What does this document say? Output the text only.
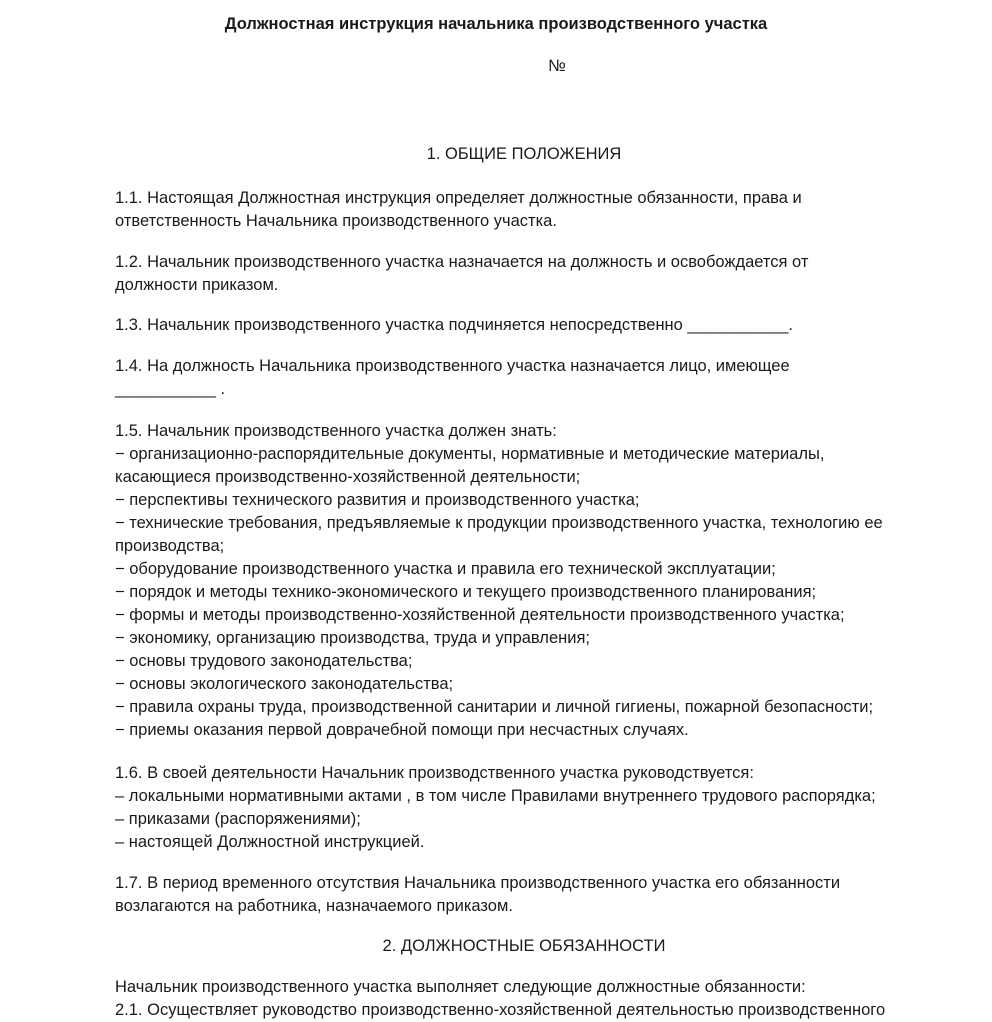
Должностная инструкция начальника производственного участка
№
1. ОБЩИЕ ПОЛОЖЕНИЯ
1.1. Настоящая Должностная инструкция определяет должностные обязанности, права и
ответственность Начальника производственного участка.
1.2. Начальник производственного участка назначается на должность и освобождается от
должности приказом.
1.3. Начальник производственного участка подчиняется непосредственно ___________.
1.4. На должность Начальника производственного участка назначается лицо, имеющее
___________ .
1.5. Начальник производственного участка должен знать:
− организационно-распорядительные документы, нормативные и методические материалы,
касающиеся производственно-хозяйственной деятельности;
− перспективы технического развития и производственного участка;
− технические требования, предъявляемые к продукции производственного участка, технологию ее
производства;
− оборудование производственного участка и правила его технической эксплуатации;
− порядок и методы технико-экономического и текущего производственного планирования;
− формы и методы производственно-хозяйственной деятельности производственного участка;
− экономику, организацию производства, труда и управления;
− основы трудового законодательства;
− основы экологического законодательства;
− правила охраны труда, производственной санитарии и личной гигиены, пожарной безопасности;
− приемы оказания первой доврачебной помощи при несчастных случаях.
1.6. В своей деятельности Начальник производственного участка руководствуется:
– локальными нормативными актами , в том числе Правилами внутреннего трудового распорядка;
– приказами (распоряжениями);
– настоящей Должностной инструкцией.
1.7. В период временного отсутствия Начальника производственного участка его обязанности
возлагаются на работника, назначаемого приказом.
2. ДОЛЖНОСТНЫЕ ОБЯЗАННОСТИ
Начальник производственного участка выполняет следующие должностные обязанности:
2.1. Осуществляет руководство производственно-хозяйственной деятельностью производственного
